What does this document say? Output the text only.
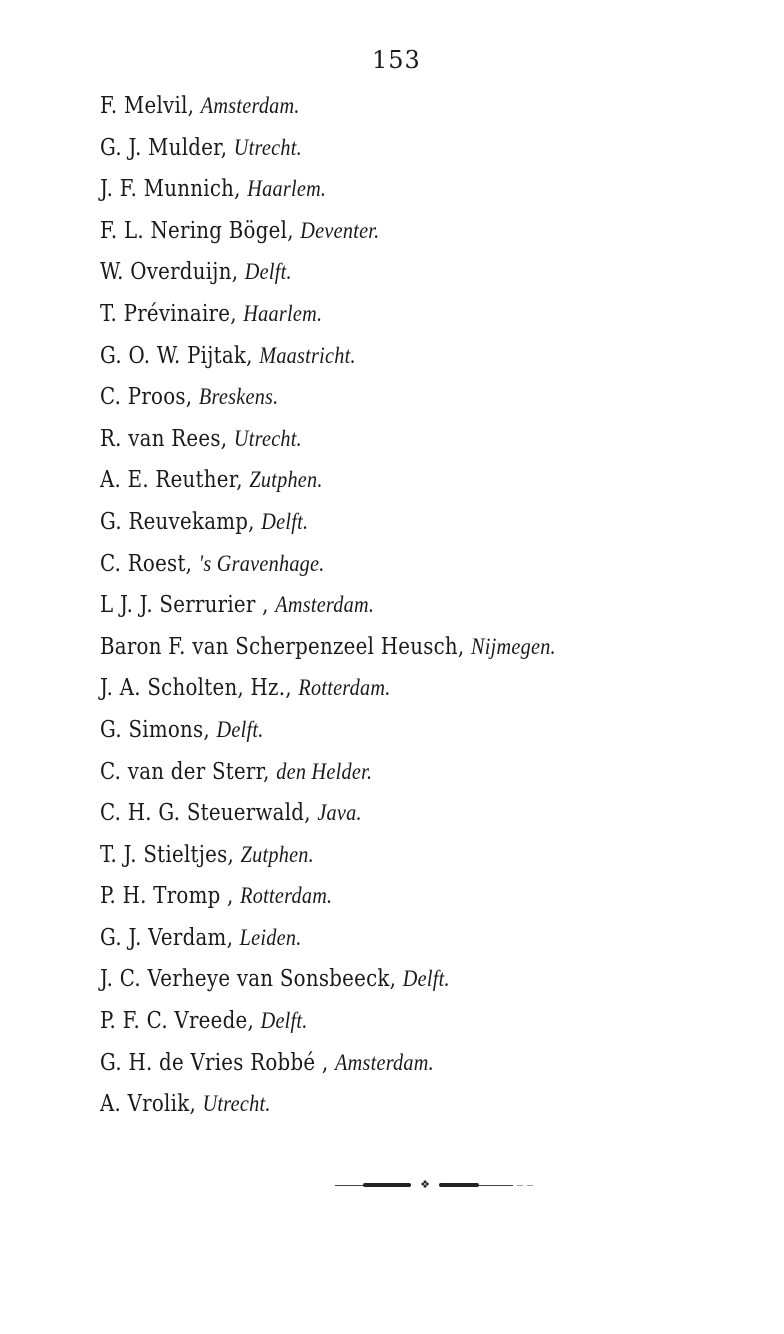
153
F. Melvil, Amsterdam.
G. J. Mulder, Utrecht.
J. F. Munnich, Haarlem.
F. L. Nering Bögel, Deventer.
W. Overduijn, Delft.
T. Prévinaire, Haarlem.
G. O. W. Pijtak, Maastricht.
C. Proos, Breskens.
R. van Rees, Utrecht.
A. E. Reuther, Zutphen.
G. Reuvekamp, Delft.
C. Roest, 's Gravenhage.
L J. J. Serrurier , Amsterdam.
Baron F. van Scherpenzeel Heusch, Nijmegen.
J. A. Scholten, Hz., Rotterdam.
G. Simons, Delft.
C. van der Sterr, den Helder.
C. H. G. Steuerwald, Java.
T. J. Stieltjes, Zutphen.
P. H. Tromp , Rotterdam.
G. J. Verdam, Leiden.
J. C. Verheye van Sonsbeeck, Delft.
P. F. C. Vreede, Delft.
G. H. de Vries Robbé , Amsterdam.
A. Vrolik, Utrecht.
❖
